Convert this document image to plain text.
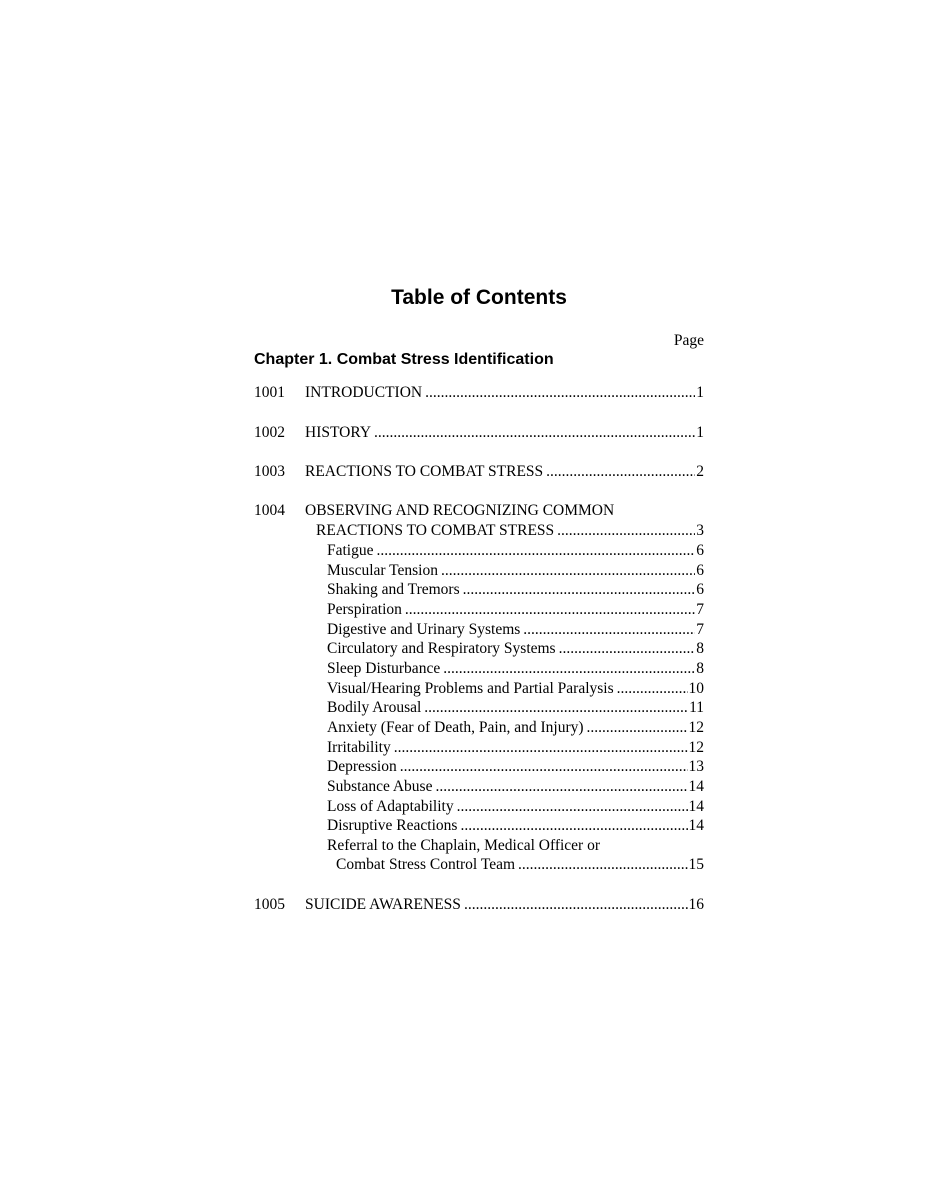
Table of Contents
Page
Chapter 1. Combat Stress Identification
1001 INTRODUCTION .....	1
1002 HISTORY .....	1
1003 REACTIONS TO COMBAT STRESS .....	2
1004 OBSERVING AND RECOGNIZING COMMON
REACTIONS TO COMBAT STRESS .....	3
Fatigue .....	6
Muscular Tension .....	6
Shaking and Tremors .....	6
Perspiration .....	7
Digestive and Urinary Systems .....	7
Circulatory and Respiratory Systems .....	8
Sleep Disturbance .....	8
Visual/Hearing Problems and Partial Paralysis .....	10
Bodily Arousal .....	11
Anxiety (Fear of Death, Pain, and Injury) .....	12
Irritability .....	12
Depression .....	13
Substance Abuse .....	14
Loss of Adaptability .....	14
Disruptive Reactions .....	14
Referral to the Chaplain, Medical Officer or
Combat Stress Control Team .....	15
1005 SUICIDE AWARENESS .....	16
